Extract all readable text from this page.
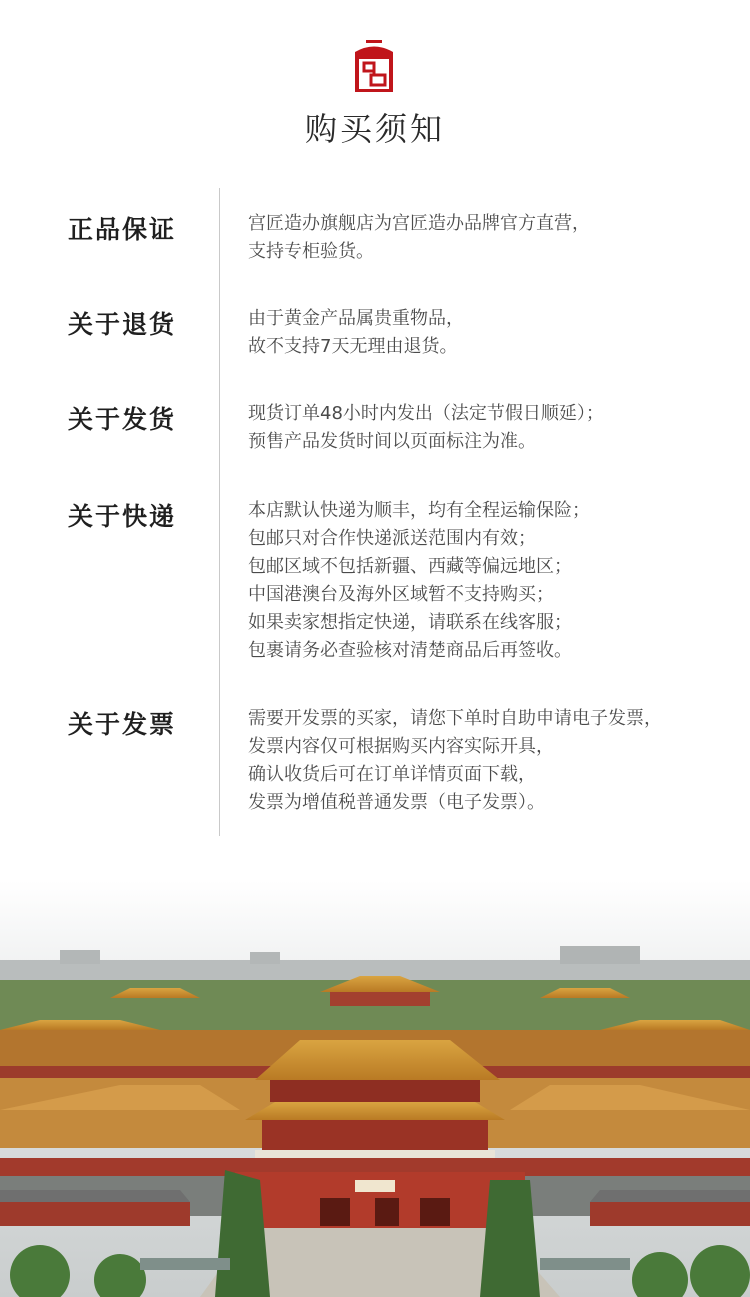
购买须知
正品保证	宫匠造办旗舰店为宫匠造办品牌官方直营，
支持专柜验货。
关于退货	由于黄金产品属贵重物品，
故不支持7天无理由退货。
关于发货	现货订单48小时内发出（法定节假日顺延）；
预售产品发货时间以页面标注为准。
关于快递	本店默认快递为顺丰，均有全程运输保险；
包邮只对合作快递派送范围内有效；
包邮区域不包括新疆、西藏等偏远地区；
中国港澳台及海外区域暂不支持购买；
如果卖家想指定快递，请联系在线客服；
包裹请务必查验核对清楚商品后再签收。
关于发票	需要开发票的买家，请您下单时自助申请电子发票，
发票内容仅可根据购买内容实际开具，
确认收货后可在订单详情页面下载，
发票为增值税普通发票（电子发票）。
